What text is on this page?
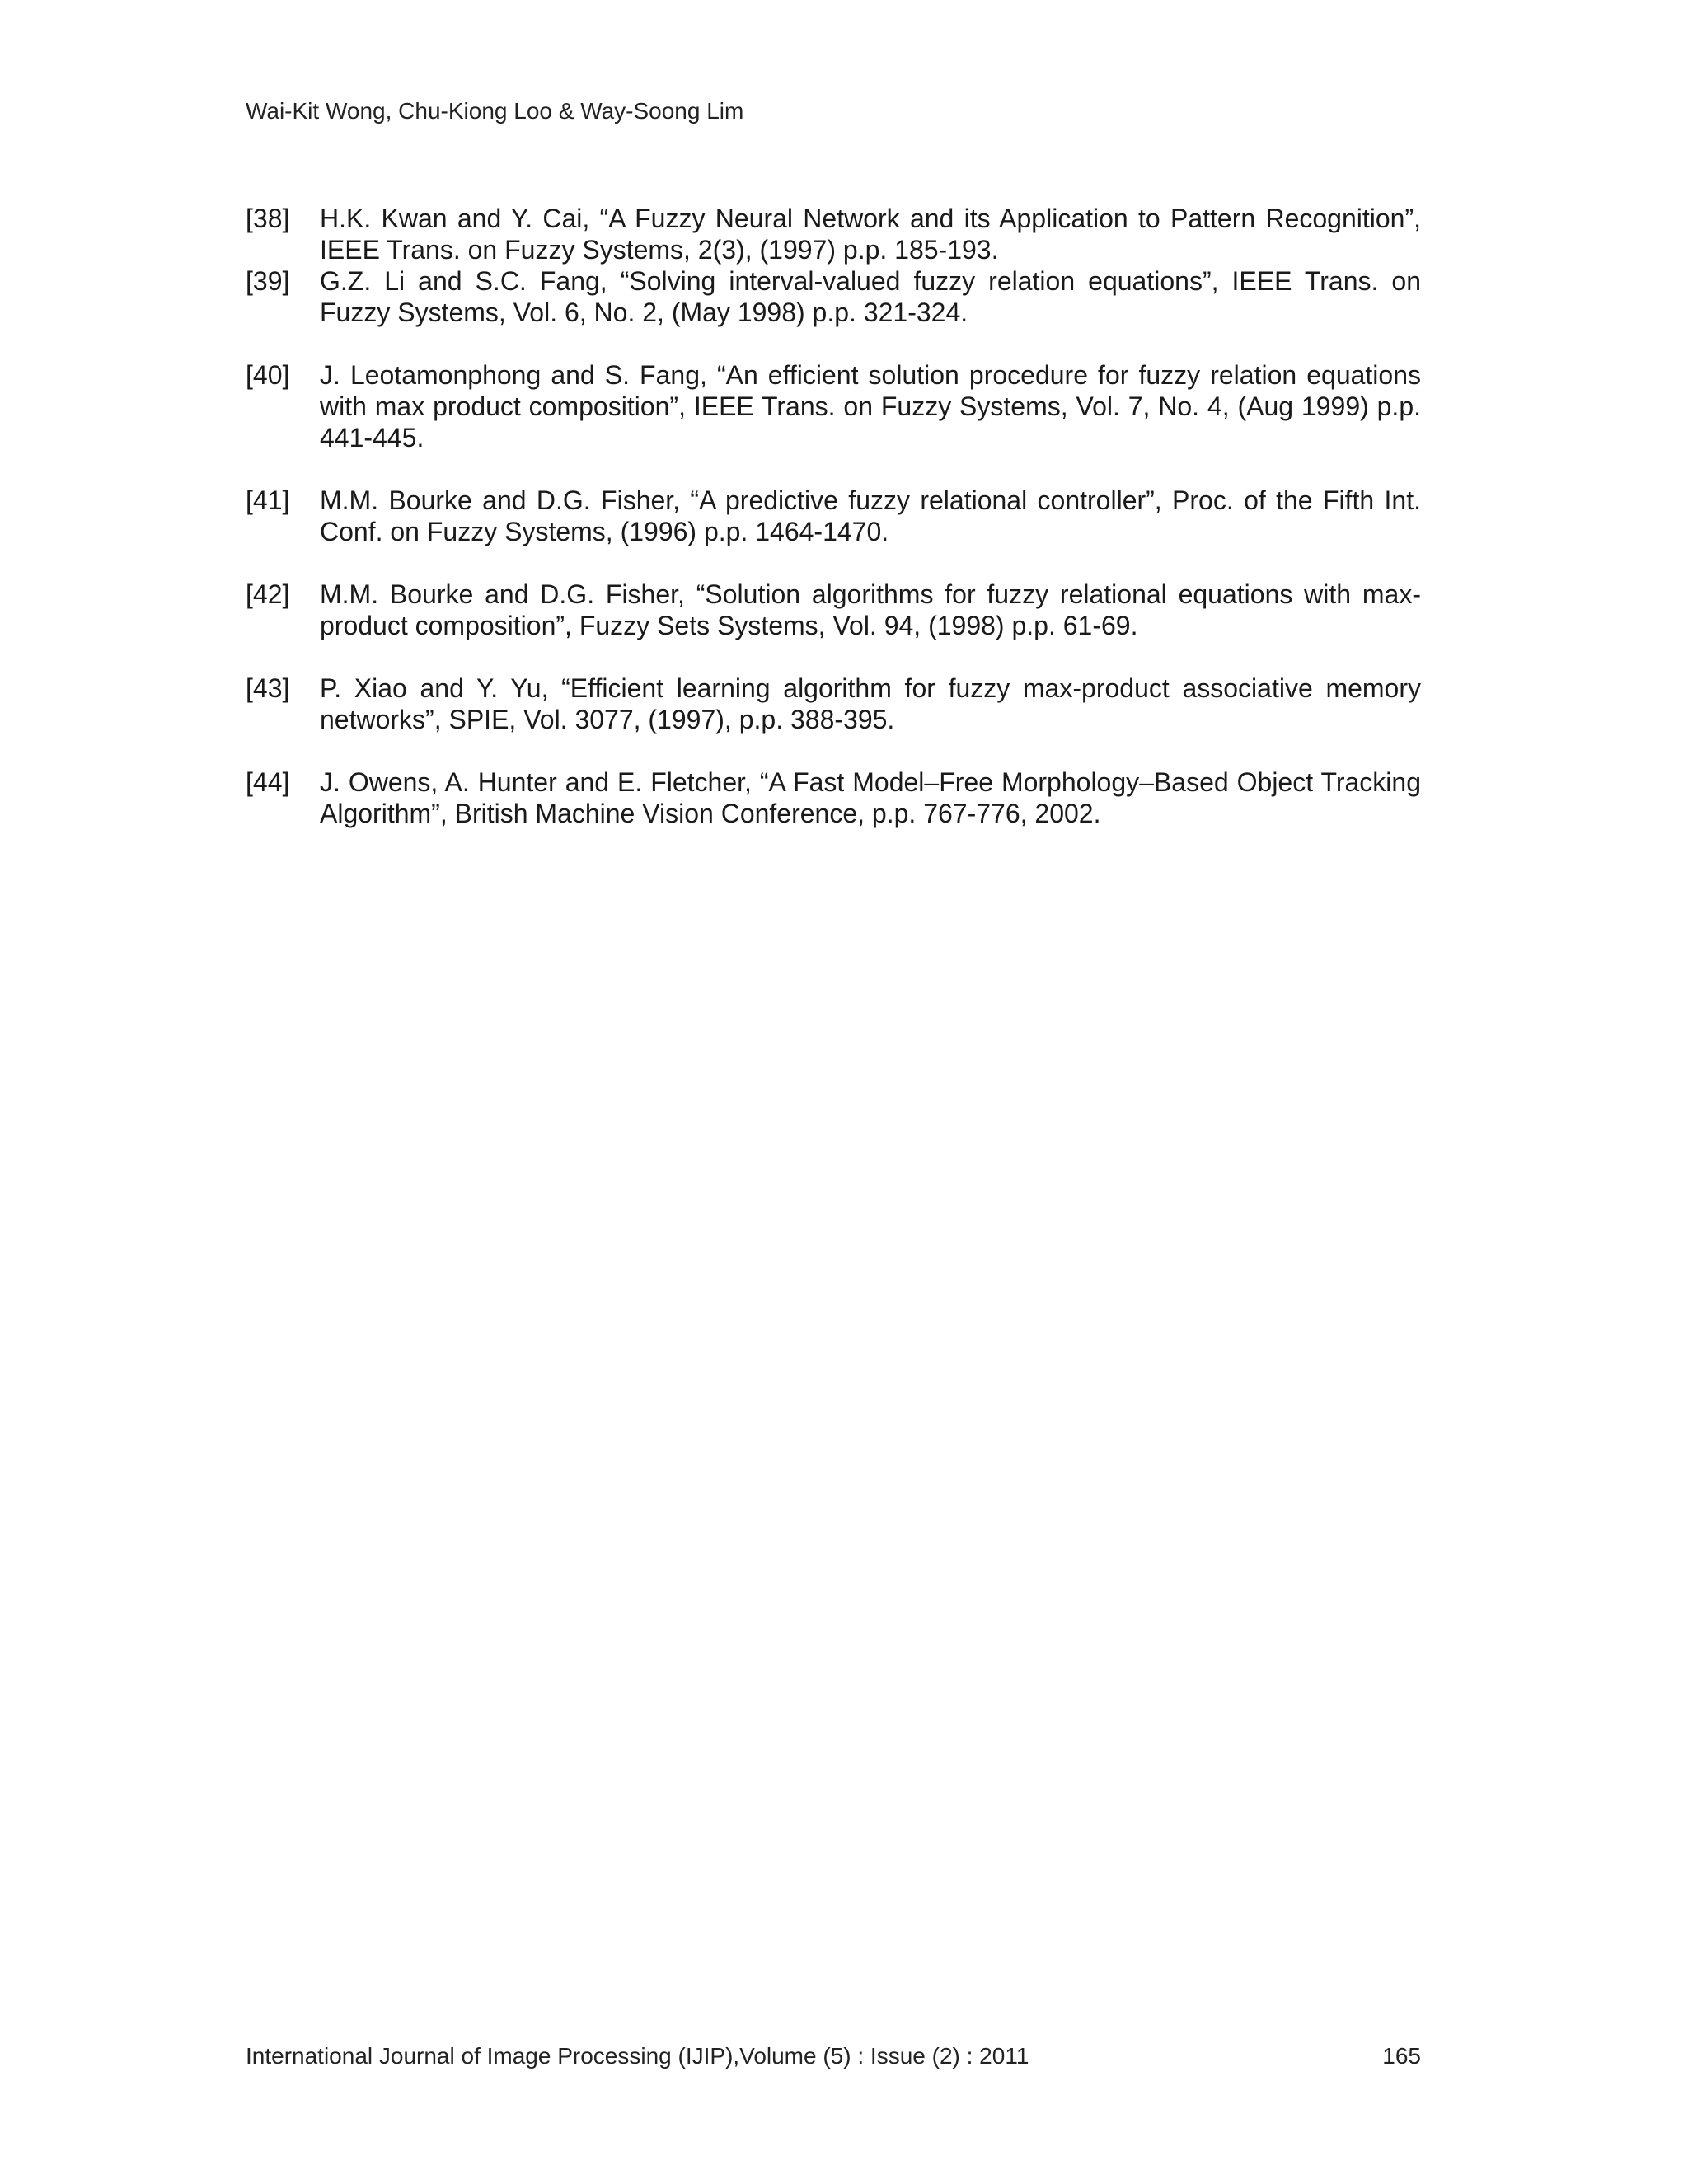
Wai-Kit Wong, Chu-Kiong Loo & Way-Soong Lim
[38]	H.K. Kwan and Y. Cai, “A Fuzzy Neural Network and its Application to Pattern Recognition”, IEEE Trans. on Fuzzy Systems, 2(3), (1997) p.p. 185-193.
[39]	G.Z. Li and S.C. Fang, “Solving interval-valued fuzzy relation equations”, IEEE Trans. on Fuzzy Systems, Vol. 6, No. 2, (May 1998) p.p. 321-324.
[40]	J. Leotamonphong and S. Fang, “An efficient solution procedure for fuzzy relation equations with max product composition”, IEEE Trans. on Fuzzy Systems, Vol. 7, No. 4, (Aug 1999) p.p. 441-445.
[41]	M.M. Bourke and D.G. Fisher, “A predictive fuzzy relational controller”, Proc. of the Fifth Int. Conf. on Fuzzy Systems, (1996) p.p. 1464-1470.
[42]	M.M. Bourke and D.G. Fisher, “Solution algorithms for fuzzy relational equations with max-product composition”, Fuzzy Sets Systems, Vol. 94, (1998) p.p. 61-69.
[43]	P. Xiao and Y. Yu, “Efficient learning algorithm for fuzzy max-product associative memory networks”, SPIE, Vol. 3077, (1997), p.p. 388-395.
[44]	J. Owens, A. Hunter and E. Fletcher, “A Fast Model–Free Morphology–Based Object Tracking Algorithm”, British Machine Vision Conference, p.p. 767-776, 2002.
International Journal of Image Processing (IJIP),Volume (5) : Issue (2) : 2011	165
